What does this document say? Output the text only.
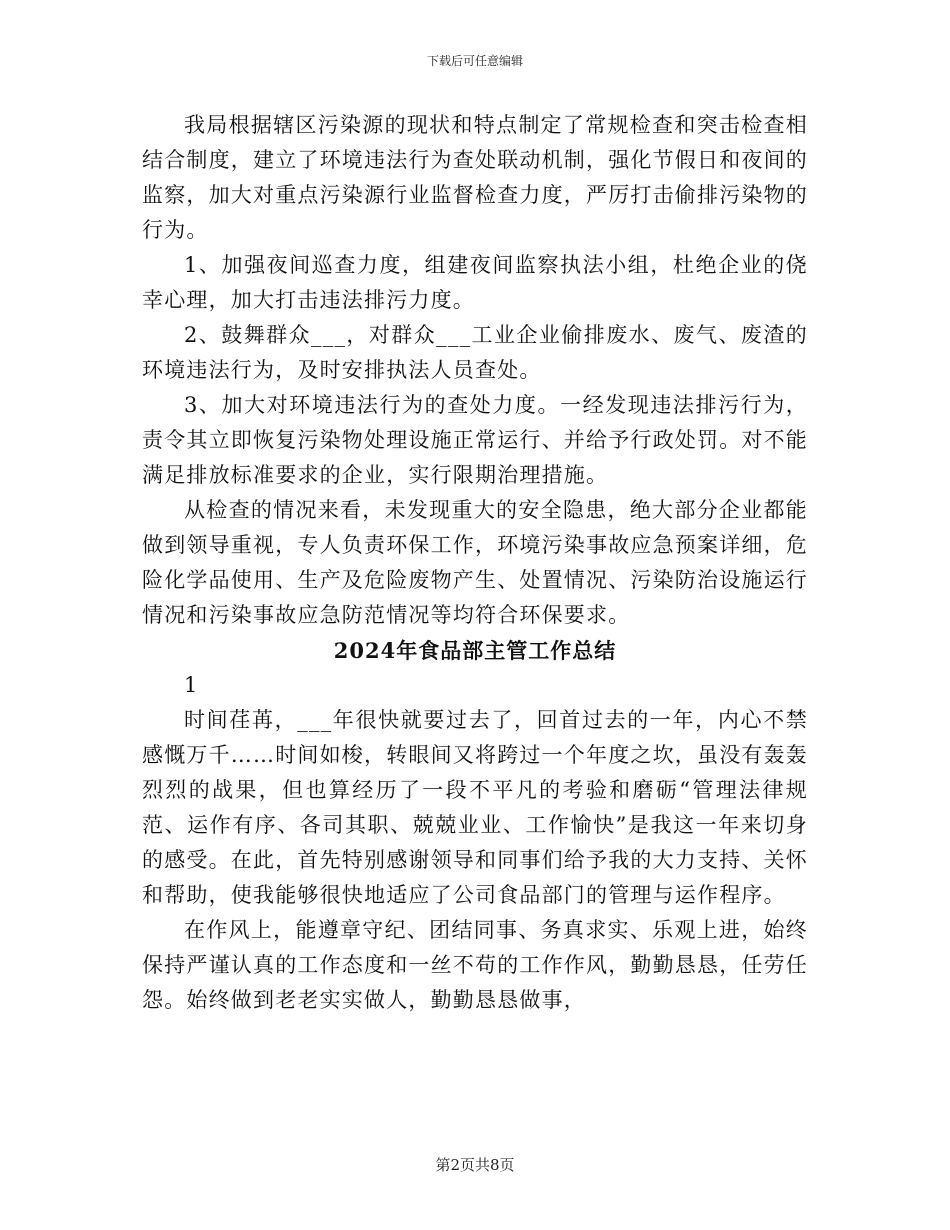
下载后可任意编辑

我局根据辖区污染源的现状和特点制定了常规检查和突击检查相结合制度，建立了环境违法行为查处联动机制，强化节假日和夜间的监察，加大对重点污染源行业监督检查力度，严厉打击偷排污染物的行为。

1、加强夜间巡查力度，组建夜间监察执法小组，杜绝企业的侥幸心理，加大打击违法排污力度。

2、鼓舞群众___，对群众___工业企业偷排废水、废气、废渣的环境违法行为，及时安排执法人员查处。

3、加大对环境违法行为的查处力度。一经发现违法排污行为，责令其立即恢复污染物处理设施正常运行、并给予行政处罚。对不能满足排放标准要求的企业，实行限期治理措施。

从检查的情况来看，未发现重大的安全隐患，绝大部分企业都能做到领导重视，专人负责环保工作，环境污染事故应急预案详细，危险化学品使用、生产及危险废物产生、处置情况、污染防治设施运行情况和污染事故应急防范情况等均符合环保要求。

2024年食品部主管工作总结

1

时间荏苒，___年很快就要过去了，回首过去的一年，内心不禁感慨万千……时间如梭，转眼间又将跨过一个年度之坎，虽没有轰轰烈烈的战果，但也算经历了一段不平凡的考验和磨砺“管理法律规范、运作有序、各司其职、兢兢业业、工作愉快”是我这一年来切身的感受。在此，首先特别感谢领导和同事们给予我的大力支持、关怀和帮助，使我能够很快地适应了公司食品部门的管理与运作程序。

在作风上，能遵章守纪、团结同事、务真求实、乐观上进，始终保持严谨认真的工作态度和一丝不苟的工作作风，勤勤恳恳，任劳任怨。始终做到老老实实做人，勤勤恳恳做事，

第2页共8页
